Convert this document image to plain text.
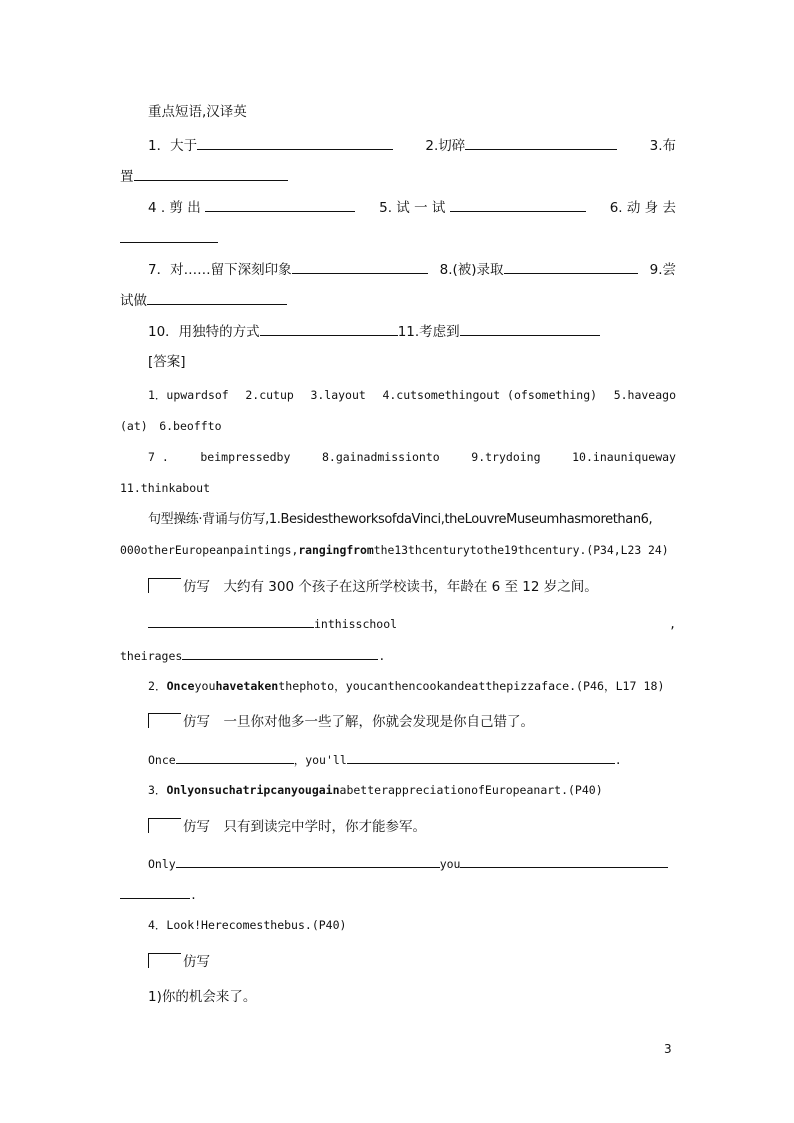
重点短语,汉译英
1．大于	2.切碎	3.布
置
4 . 剪 出	5. 试 一 试	6. 动 身 去
7．对……留下深刻印象	8.(被)录取	9.尝
试做
10．用独特的方式	11.考虑到
[答案]
1．upwardsof 2.cutup 3.layout 4.cutsomethingout (ofsomething) 5.haveago
(at)　6.beoffto
7 .	beimpressedby	8.gainadmissionto	9.trydoing	10.inauniqueway
11.thinkabout
句型操练·背诵与仿写,1.BesidestheworksofdaVinci,theLouvreMuseumhasmorethan6,
000otherEuropeanpaintings,rangingfromthe13thcenturytothe19thcentury.(P34,L23 24)
仿写　 大约有 300 个孩子在这所学校读书，年龄在 6 至 12 岁之间。
inthisschool	,
theirages	.
2．Onceyouhavetakenthephoto，youcanthencookandeatthepizzaface.(P46，L17 18)
仿写　 一旦你对他多一些了解，你就会发现是你自己错了。
Once	，you'll	.
3．OnlyonsuchatripcanyougainabetterappreciationofEuropeanart.(P40)
仿写　 只有到读完中学时，你才能参军。
Only	you
.
4．Look!Herecomesthebus.(P40)
仿写
1)你的机会来了。
3
